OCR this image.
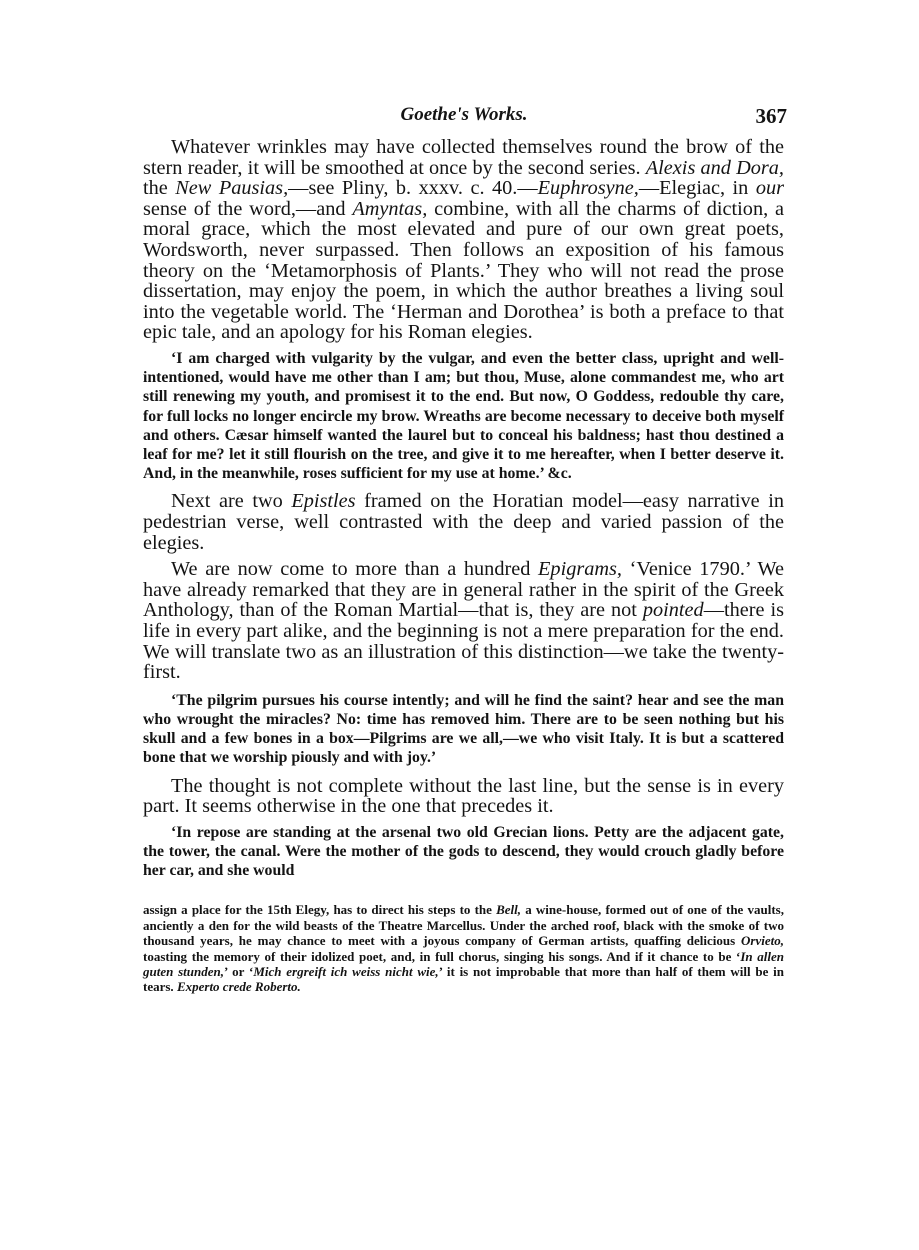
Goethe's Works.	367

Whatever wrinkles may have collected themselves round the brow of the stern reader, it will be smoothed at once by the second series. Alexis and Dora, the New Pausias,—see Pliny, b. xxxv. c. 40.—Euphrosyne,—Elegiac, in our sense of the word,—and Amyntas, combine, with all the charms of diction, a moral grace, which the most elevated and pure of our own great poets, Wordsworth, never surpassed. Then follows an exposition of his famous theory on the ‘Metamorphosis of Plants.’ They who will not read the prose dissertation, may enjoy the poem, in which the author breathes a living soul into the vegetable world. The ‘Herman and Dorothea’ is both a preface to that epic tale, and an apology for his Roman elegies.

‘I am charged with vulgarity by the vulgar, and even the better class, upright and well-intentioned, would have me other than I am; but thou, Muse, alone commandest me, who art still renewing my youth, and promisest it to the end. But now, O Goddess, redouble thy care, for full locks no longer encircle my brow. Wreaths are become necessary to deceive both myself and others. Cæsar himself wanted the laurel but to conceal his baldness; hast thou destined a leaf for me? let it still flourish on the tree, and give it to me hereafter, when I better deserve it. And, in the meanwhile, roses sufficient for my use at home.’ &c.

Next are two Epistles framed on the Horatian model—easy narrative in pedestrian verse, well contrasted with the deep and varied passion of the elegies.

We are now come to more than a hundred Epigrams, ‘Venice 1790.’ We have already remarked that they are in general rather in the spirit of the Greek Anthology, than of the Roman Martial—that is, they are not pointed—there is life in every part alike, and the beginning is not a mere preparation for the end. We will translate two as an illustration of this distinction—we take the twenty-first.

‘The pilgrim pursues his course intently; and will he find the saint? hear and see the man who wrought the miracles? No: time has removed him. There are to be seen nothing but his skull and a few bones in a box—Pilgrims are we all,—we who visit Italy. It is but a scattered bone that we worship piously and with joy.’

The thought is not complete without the last line, but the sense is in every part. It seems otherwise in the one that precedes it.

‘In repose are standing at the arsenal two old Grecian lions. Petty are the adjacent gate, the tower, the canal. Were the mother of the gods to descend, they would crouch gladly before her car, and she would

assign a place for the 15th Elegy, has to direct his steps to the Bell, a wine-house, formed out of one of the vaults, anciently a den for the wild beasts of the Theatre Marcellus. Under the arched roof, black with the smoke of two thousand years, he may chance to meet with a joyous company of German artists, quaffing delicious Orvieto, toasting the memory of their idolized poet, and, in full chorus, singing his songs. And if it chance to be ‘In allen guten stunden,’ or ‘Mich ergreift ich weiss nicht wie,’ it is not improbable that more than half of them will be in tears. Experto crede Roberto.
